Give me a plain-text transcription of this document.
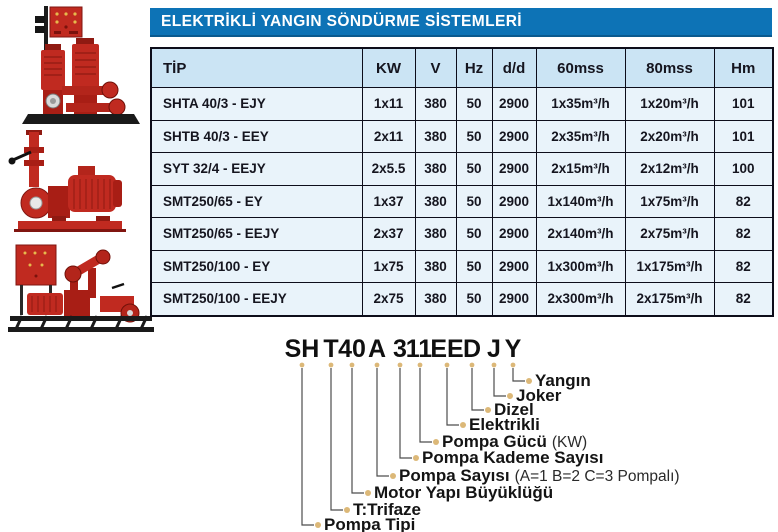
ELEKTRİKLİ YANGIN SÖNDÜRME SİSTEMLERİ
TİP	KW	V	Hz	d/d	60mss	80mss	Hm
SHTA 40/3 - EJY	1x11	380	50	2900	1x35m³/h	1x20m³/h	101
SHTB 40/3 - EEY	2x11	380	50	2900	2x35m³/h	2x20m³/h	101
SYT 32/4 - EEJY	2x5.5	380	50	2900	2x15m³/h	2x12m³/h	100
SMT250/65 - EY	1x37	380	50	2900	1x140m³/h	1x75m³/h	82
SMT250/65 - EEJY	2x37	380	50	2900	2x140m³/h	2x75m³/h	82
SMT250/100 - EY	1x75	380	50	2900	1x300m³/h	1x175m³/h	82
SMT250/100 - EEJY	2x75	380	50	2900	2x300m³/h	2x175m³/h	82
SH T 40 A 3
11
EE D J Y
Yangın
Joker
Dizel
Elektrikli
Pompa Gücü (KW)
Pompa Kademe Sayısı
Pompa Sayısı (A=1 B=2 C=3 Pompalı)
Motor Yapı Büyüklüğü
T:Trifaze
Pompa Tipi
